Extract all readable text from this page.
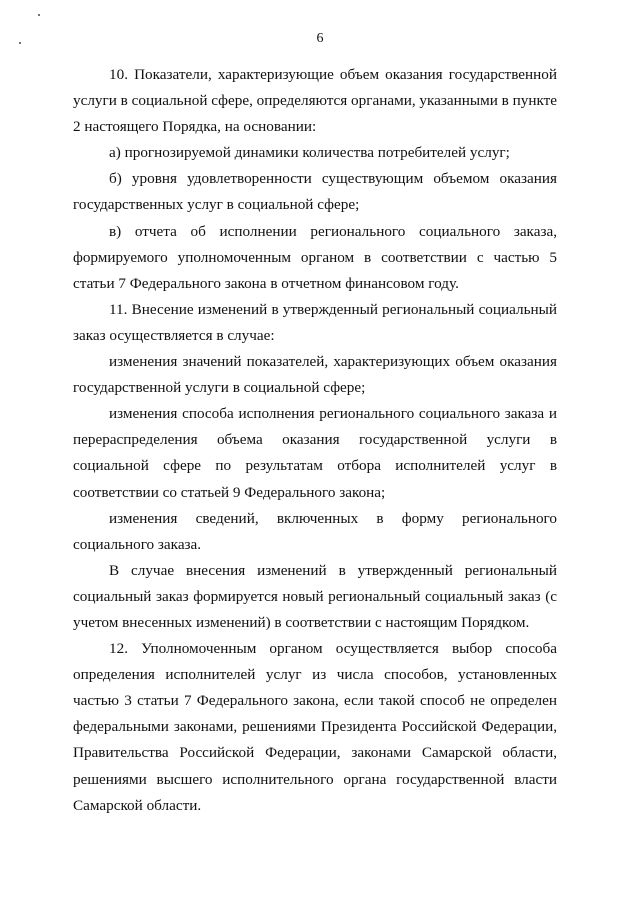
6

10. Показатели, характеризующие объем оказания государственной услуги в социальной сфере, определяются органами, указанными в пункте 2 настоящего Порядка, на основании:

а) прогнозируемой динамики количества потребителей услуг;

б) уровня удовлетворенности существующим объемом оказания государственных услуг в социальной сфере;

в) отчета об исполнении регионального социального заказа, формируемого уполномоченным органом в соответствии с частью 5 статьи 7 Федерального закона в отчетном финансовом году.

11. Внесение изменений в утвержденный региональный социальный заказ осуществляется в случае:

изменения значений показателей, характеризующих объем оказания государственной услуги в социальной сфере;

изменения способа исполнения регионального социального заказа и перераспределения объема оказания государственной услуги в социальной сфере по результатам отбора исполнителей услуг в соответствии со статьей 9 Федерального закона;

изменения сведений, включенных в форму регионального социального заказа.

В случае внесения изменений в утвержденный региональный социальный заказ формируется новый региональный социальный заказ (с учетом внесенных изменений) в соответствии с настоящим Порядком.

12. Уполномоченным органом осуществляется выбор способа определения исполнителей услуг из числа способов, установленных частью 3 статьи 7 Федерального закона, если такой способ не определен федеральными законами, решениями Президента Российской Федерации, Правительства Российской Федерации, законами Самарской области, решениями высшего исполнительного органа государственной власти Самарской области.
